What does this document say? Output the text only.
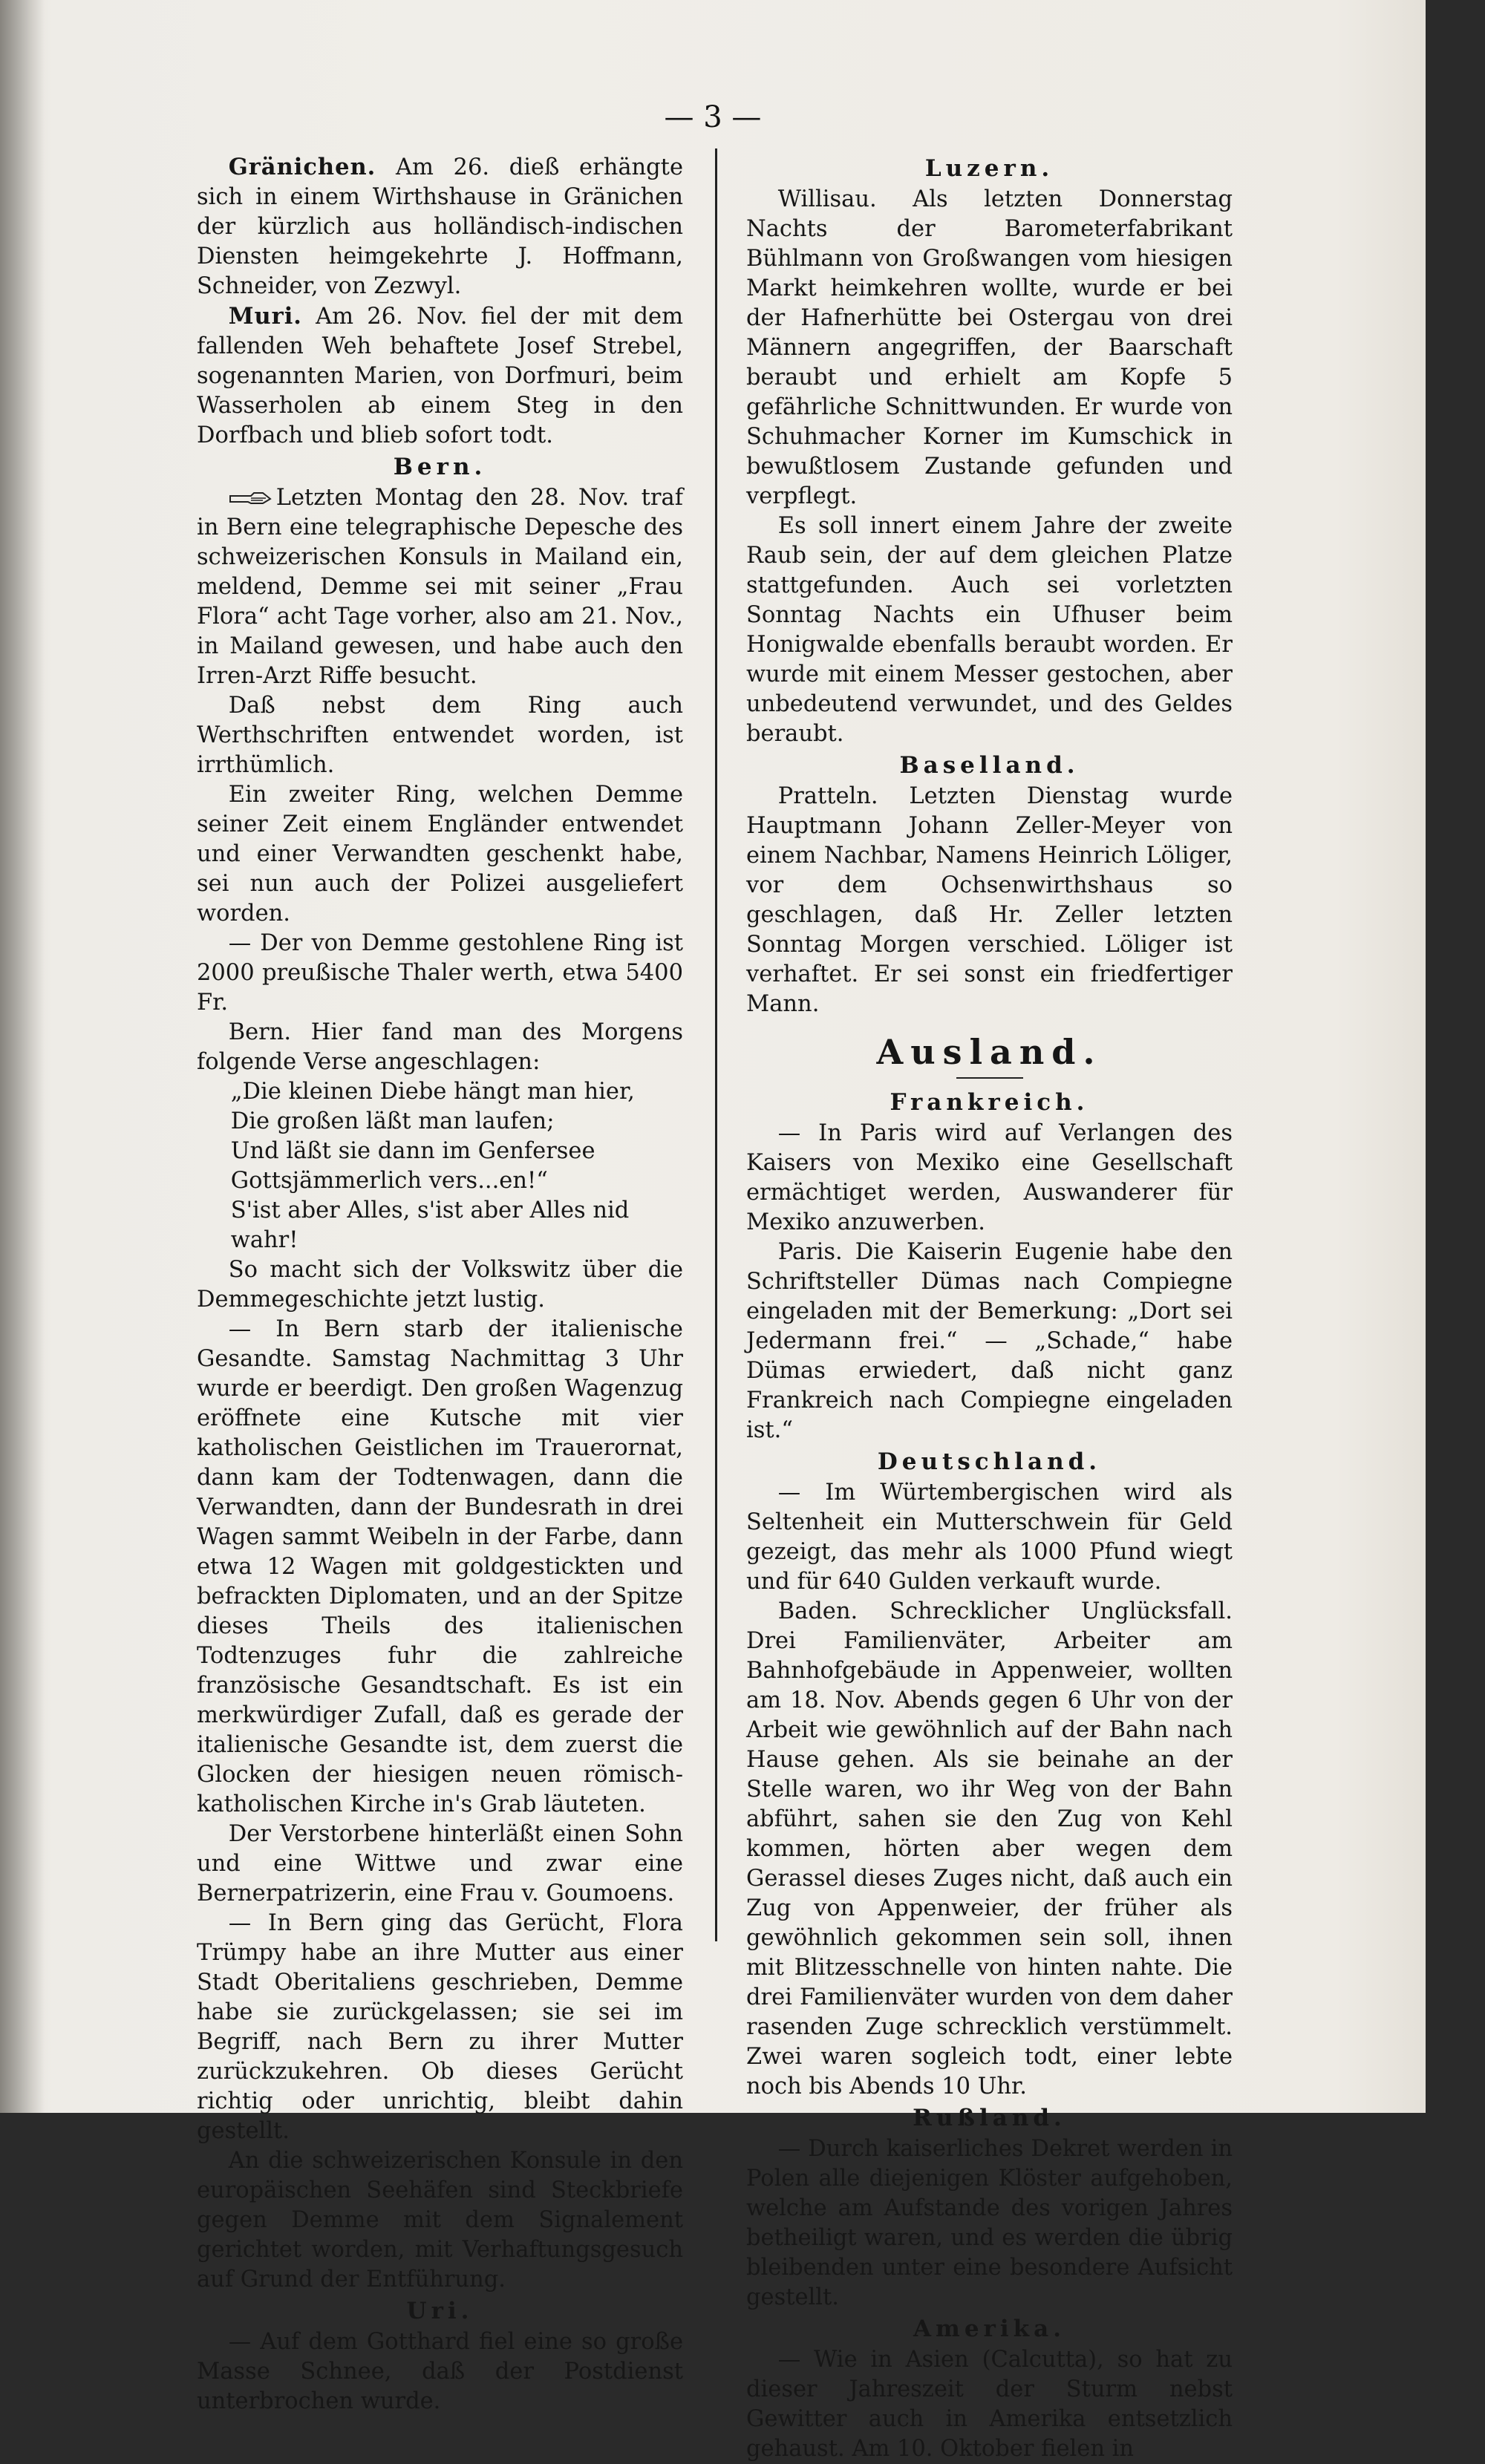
— 3 —

Gränichen. Am 26. dieß erhängte sich in einem Wirthshause in Gränichen der kürzlich aus holländisch-indischen Diensten heimgekehrte J. Hoffmann, Schneider, von Zezwyl.

Muri. Am 26. Nov. fiel der mit dem fallenden Weh behaftete Josef Strebel, sogenannten Marien, von Dorfmuri, beim Wasserholen ab einem Steg in den Dorfbach und blieb sofort todt.

Bern.

Letzten Montag den 28. Nov. traf in Bern eine telegraphische Depesche des schweizerischen Konsuls in Mailand ein, meldend, Demme sei mit seiner „Frau Flora“ acht Tage vorher, also am 21. Nov., in Mailand gewesen, und habe auch den Irren-Arzt Riffe besucht.

Daß nebst dem Ring auch Werthschriften entwendet worden, ist irrthümlich.

Ein zweiter Ring, welchen Demme seiner Zeit einem Engländer entwendet und einer Verwandten geschenkt habe, sei nun auch der Polizei ausgeliefert worden.

— Der von Demme gestohlene Ring ist 2000 preußische Thaler werth, etwa 5400 Fr.

Bern. Hier fand man des Morgens folgende Verse angeschlagen:

„Die kleinen Diebe hängt man hier,
Die großen läßt man laufen;
Und läßt sie dann im Genfersee
Gottsjämmerlich vers...en!“
S'ist aber Alles, s'ist aber Alles nid wahr!

So macht sich der Volkswitz über die Demmegeschichte jetzt lustig.

— In Bern starb der italienische Gesandte. Samstag Nachmittag 3 Uhr wurde er beerdigt. Den großen Wagenzug eröffnete eine Kutsche mit vier katholischen Geistlichen im Trauerornat, dann kam der Todtenwagen, dann die Verwandten, dann der Bundesrath in drei Wagen sammt Weibeln in der Farbe, dann etwa 12 Wagen mit goldgestickten und befrackten Diplomaten, und an der Spitze dieses Theils des italienischen Todtenzuges fuhr die zahlreiche französische Gesandtschaft. Es ist ein merkwürdiger Zufall, daß es gerade der italienische Gesandte ist, dem zuerst die Glocken der hiesigen neuen römisch-katholischen Kirche in's Grab läuteten.

Der Verstorbene hinterläßt einen Sohn und eine Wittwe und zwar eine Bernerpatrizerin, eine Frau v. Goumoens.

— In Bern ging das Gerücht, Flora Trümpy habe an ihre Mutter aus einer Stadt Oberitaliens geschrieben, Demme habe sie zurückgelassen; sie sei im Begriff, nach Bern zu ihrer Mutter zurückzukehren. Ob dieses Gerücht richtig oder unrichtig, bleibt dahin gestellt.

An die schweizerischen Konsule in den europäischen Seehäfen sind Steckbriefe gegen Demme mit dem Signalement gerichtet worden, mit Verhaftungsgesuch auf Grund der Entführung.

Uri.

— Auf dem Gotthard fiel eine so große Masse Schnee, daß der Postdienst unterbrochen wurde.

Luzern.

Willisau. Als letzten Donnerstag Nachts der Barometerfabrikant Bühlmann von Großwangen vom hiesigen Markt heimkehren wollte, wurde er bei der Hafnerhütte bei Ostergau von drei Männern angegriffen, der Baarschaft beraubt und erhielt am Kopfe 5 gefährliche Schnittwunden. Er wurde von Schuhmacher Korner im Kumschick in bewußtlosem Zustande gefunden und verpflegt.

Es soll innert einem Jahre der zweite Raub sein, der auf dem gleichen Platze stattgefunden. Auch sei vorletzten Sonntag Nachts ein Ufhuser beim Honigwalde ebenfalls beraubt worden. Er wurde mit einem Messer gestochen, aber unbedeutend verwundet, und des Geldes beraubt.

Baselland.

Pratteln. Letzten Dienstag wurde Hauptmann Johann Zeller-Meyer von einem Nachbar, Namens Heinrich Löliger, vor dem Ochsenwirthshaus so geschlagen, daß Hr. Zeller letzten Sonntag Morgen verschied. Löliger ist verhaftet. Er sei sonst ein friedfertiger Mann.

Ausland.
Frankreich.

— In Paris wird auf Verlangen des Kaisers von Mexiko eine Gesellschaft ermächtiget werden, Auswanderer für Mexiko anzuwerben.

Paris. Die Kaiserin Eugenie habe den Schriftsteller Dümas nach Compiegne eingeladen mit der Bemerkung: „Dort sei Jedermann frei.“ — „Schade,“ habe Dümas erwiedert, daß nicht ganz Frankreich nach Compiegne eingeladen ist.“

Deutschland.

— Im Würtembergischen wird als Seltenheit ein Mutterschwein für Geld gezeigt, das mehr als 1000 Pfund wiegt und für 640 Gulden verkauft wurde.

Baden. Schrecklicher Unglücksfall. Drei Familienväter, Arbeiter am Bahnhofgebäude in Appenweier, wollten am 18. Nov. Abends gegen 6 Uhr von der Arbeit wie gewöhnlich auf der Bahn nach Hause gehen. Als sie beinahe an der Stelle waren, wo ihr Weg von der Bahn abführt, sahen sie den Zug von Kehl kommen, hörten aber wegen dem Gerassel dieses Zuges nicht, daß auch ein Zug von Appenweier, der früher als gewöhnlich gekommen sein soll, ihnen mit Blitzesschnelle von hinten nahte. Die drei Familienväter wurden von dem daher rasenden Zuge schrecklich verstümmelt. Zwei waren sogleich todt, einer lebte noch bis Abends 10 Uhr.

Rußland.

— Durch kaiserliches Dekret werden in Polen alle diejenigen Klöster aufgehoben, welche am Aufstande des vorigen Jahres betheiligt waren, und es werden die übrig bleibenden unter eine besondere Aufsicht gestellt.

Amerika.

— Wie in Asien (Calcutta), so hat zu dieser Jahreszeit der Sturm nebst Gewitter auch in Amerika entsetzlich gehaust. Am 10. Oktober fielen in
